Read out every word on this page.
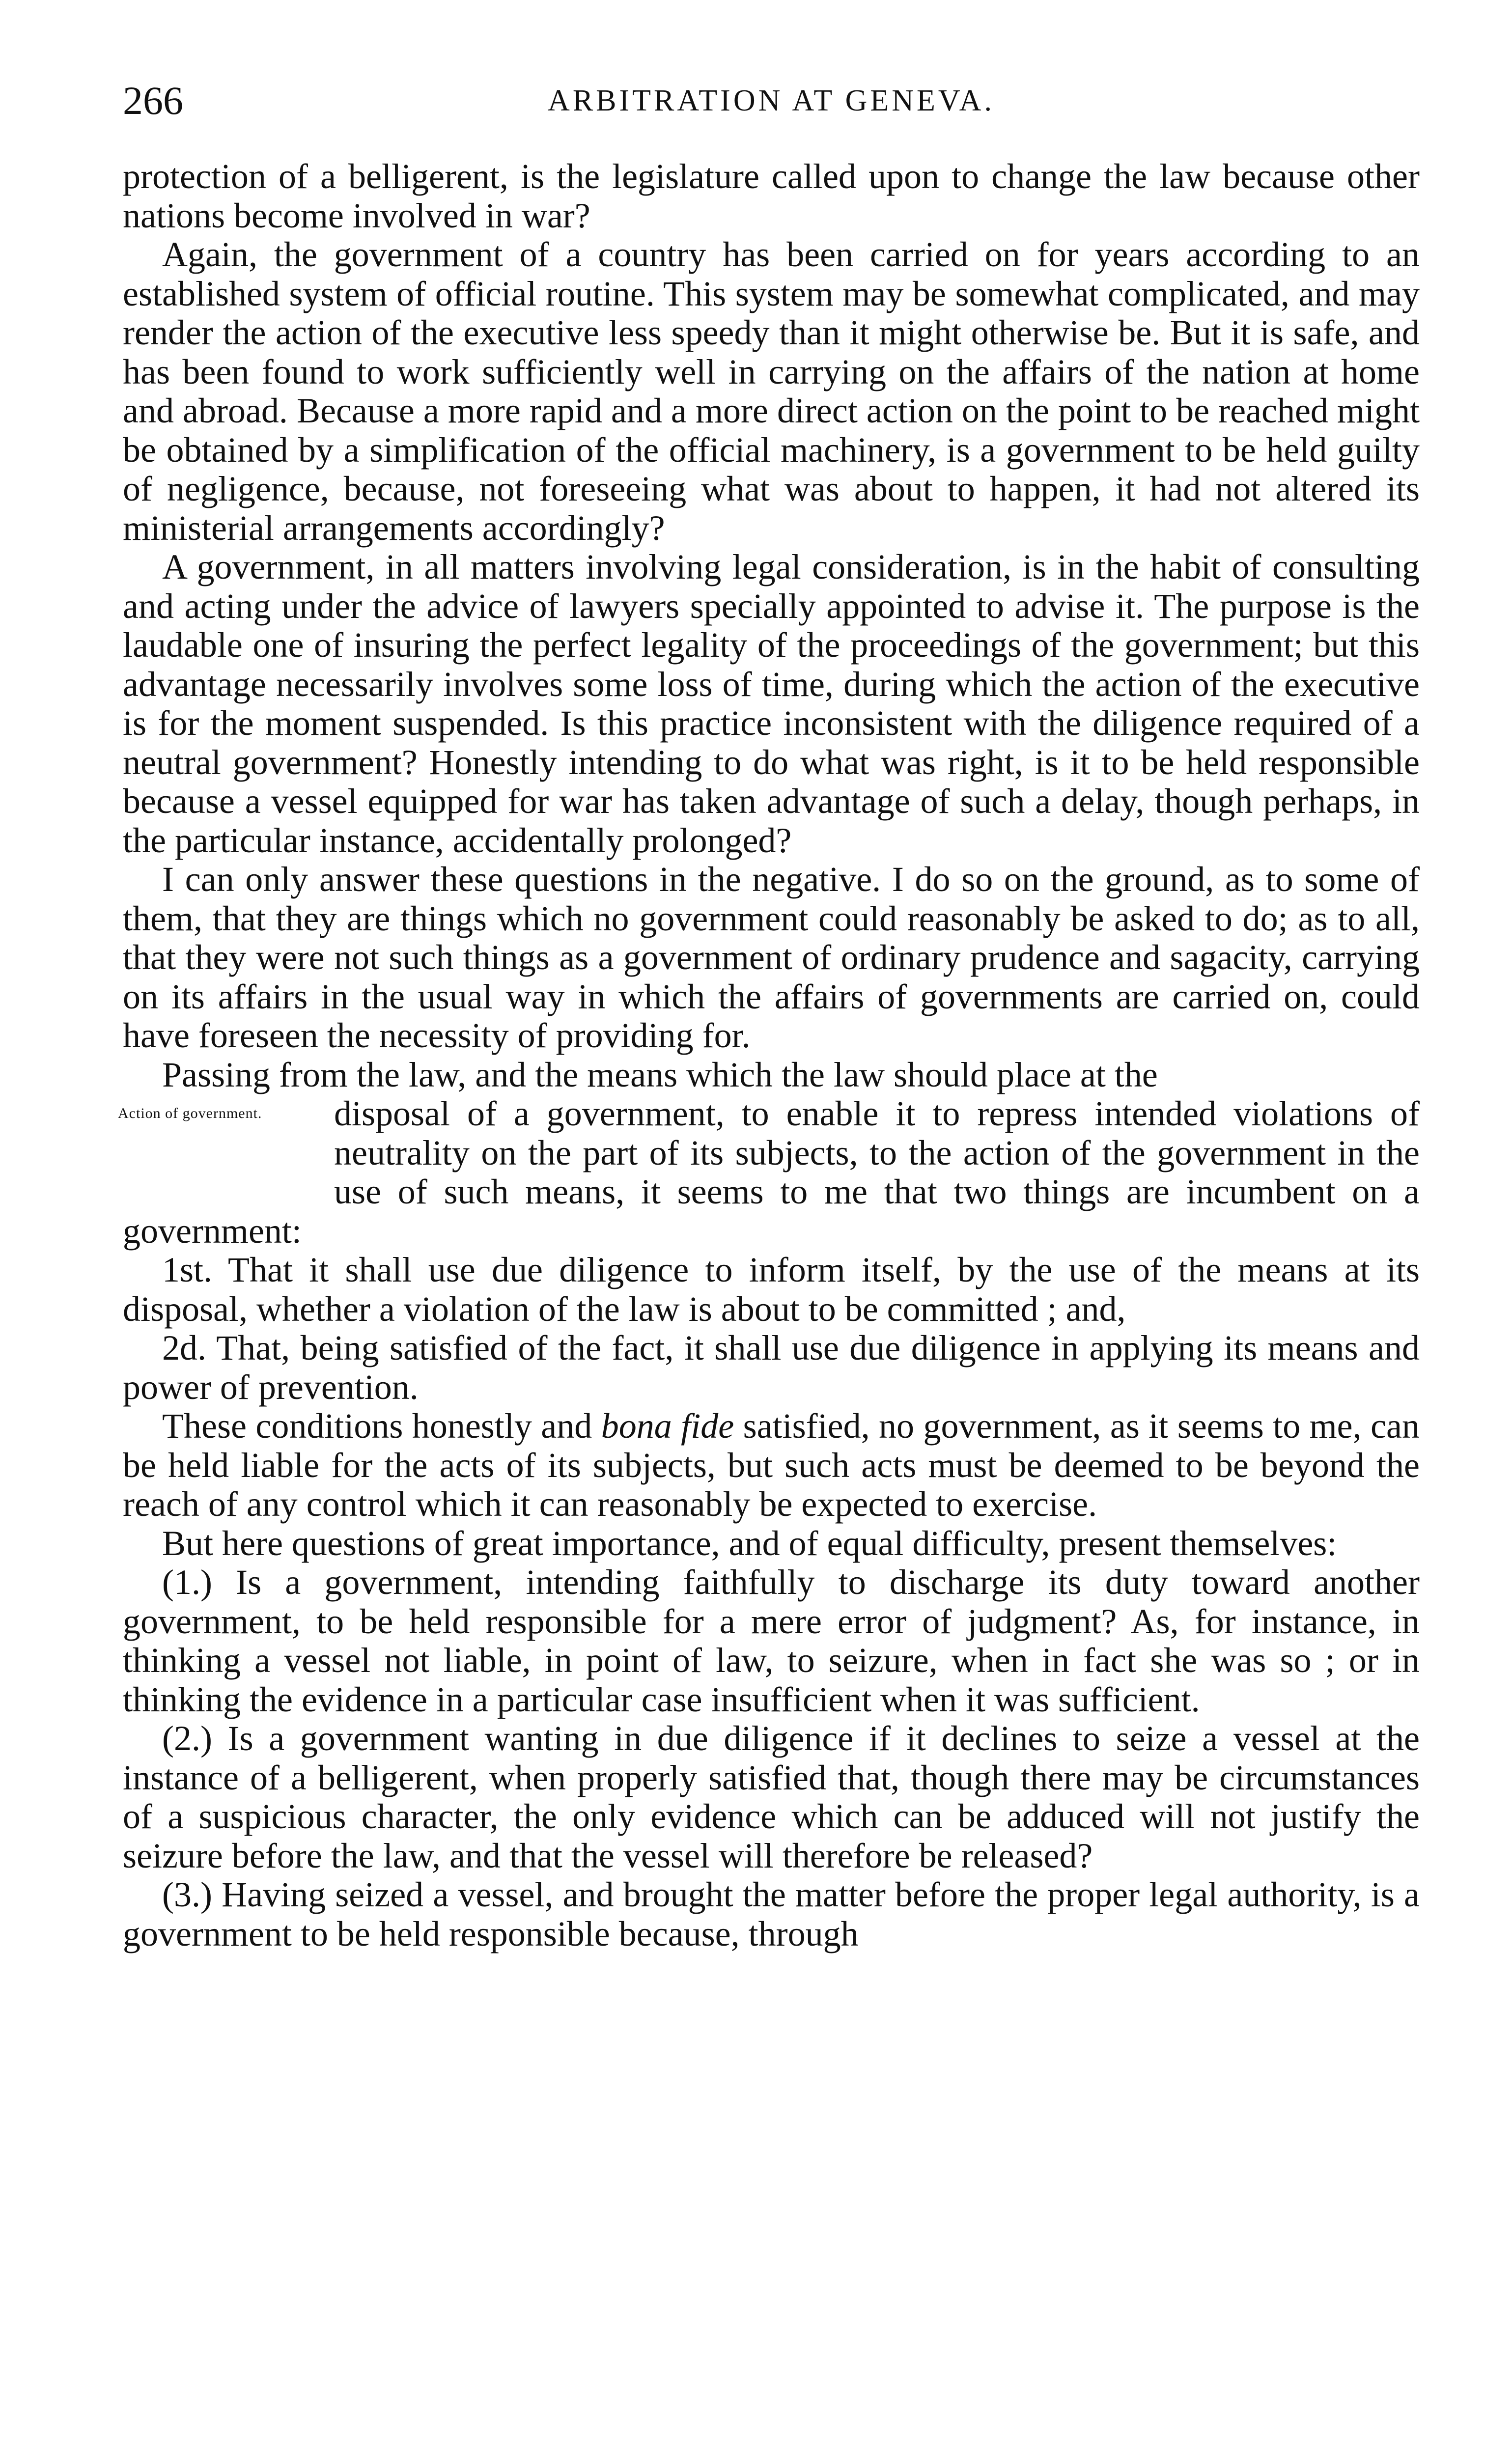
266	ARBITRATION AT GENEVA.

protection of a belligerent, is the legislature called upon to change the law because other nations become involved in war?

Again, the government of a country has been carried on for years according to an established system of official routine. This system may be somewhat complicated, and may render the action of the executive less speedy than it might otherwise be. But it is safe, and has been found to work sufficiently well in carrying on the affairs of the nation at home and abroad. Because a more rapid and a more direct action on the point to be reached might be obtained by a simplification of the official machinery, is a government to be held guilty of negligence, because, not foreseeing what was about to happen, it had not altered its ministerial arrangements accordingly?

A government, in all matters involving legal consideration, is in the habit of consulting and acting under the advice of lawyers specially appointed to advise it. The purpose is the laudable one of insuring the perfect legality of the proceedings of the government; but this advantage necessarily involves some loss of time, during which the action of the executive is for the moment suspended. Is this practice inconsistent with the diligence required of a neutral government? Honestly intending to do what was right, is it to be held responsible because a vessel equipped for war has taken advantage of such a delay, though perhaps, in the particular instance, accidentally prolonged?

I can only answer these questions in the negative. I do so on the ground, as to some of them, that they are things which no government could reasonably be asked to do; as to all, that they were not such things as a government of ordinary prudence and sagacity, carrying on its affairs in the usual way in which the affairs of governments are carried on, could have foreseen the necessity of providing for.

Passing from the law, and the means which the law should place at the
Action of government.	disposal of a government, to enable it to repress intended violations of neutrality on the part of its subjects, to the action of the government in the use of such means, it seems to me that two things are incumbent on a government:

1st. That it shall use due diligence to inform itself, by the use of the means at its disposal, whether a violation of the law is about to be committed ; and,

2d. That, being satisfied of the fact, it shall use due diligence in applying its means and power of prevention.

These conditions honestly and bona fide satisfied, no government, as it seems to me, can be held liable for the acts of its subjects, but such acts must be deemed to be beyond the reach of any control which it can reasonably be expected to exercise.

But here questions of great importance, and of equal difficulty, present themselves:

(1.) Is a government, intending faithfully to discharge its duty toward another government, to be held responsible for a mere error of judgment? As, for instance, in thinking a vessel not liable, in point of law, to seizure, when in fact she was so ; or in thinking the evidence in a particular case insufficient when it was sufficient.

(2.) Is a government wanting in due diligence if it declines to seize a vessel at the instance of a belligerent, when properly satisfied that, though there may be circumstances of a suspicious character, the only evidence which can be adduced will not justify the seizure before the law, and that the vessel will therefore be released?

(3.) Having seized a vessel, and brought the matter before the proper legal authority, is a government to be held responsible because, through
